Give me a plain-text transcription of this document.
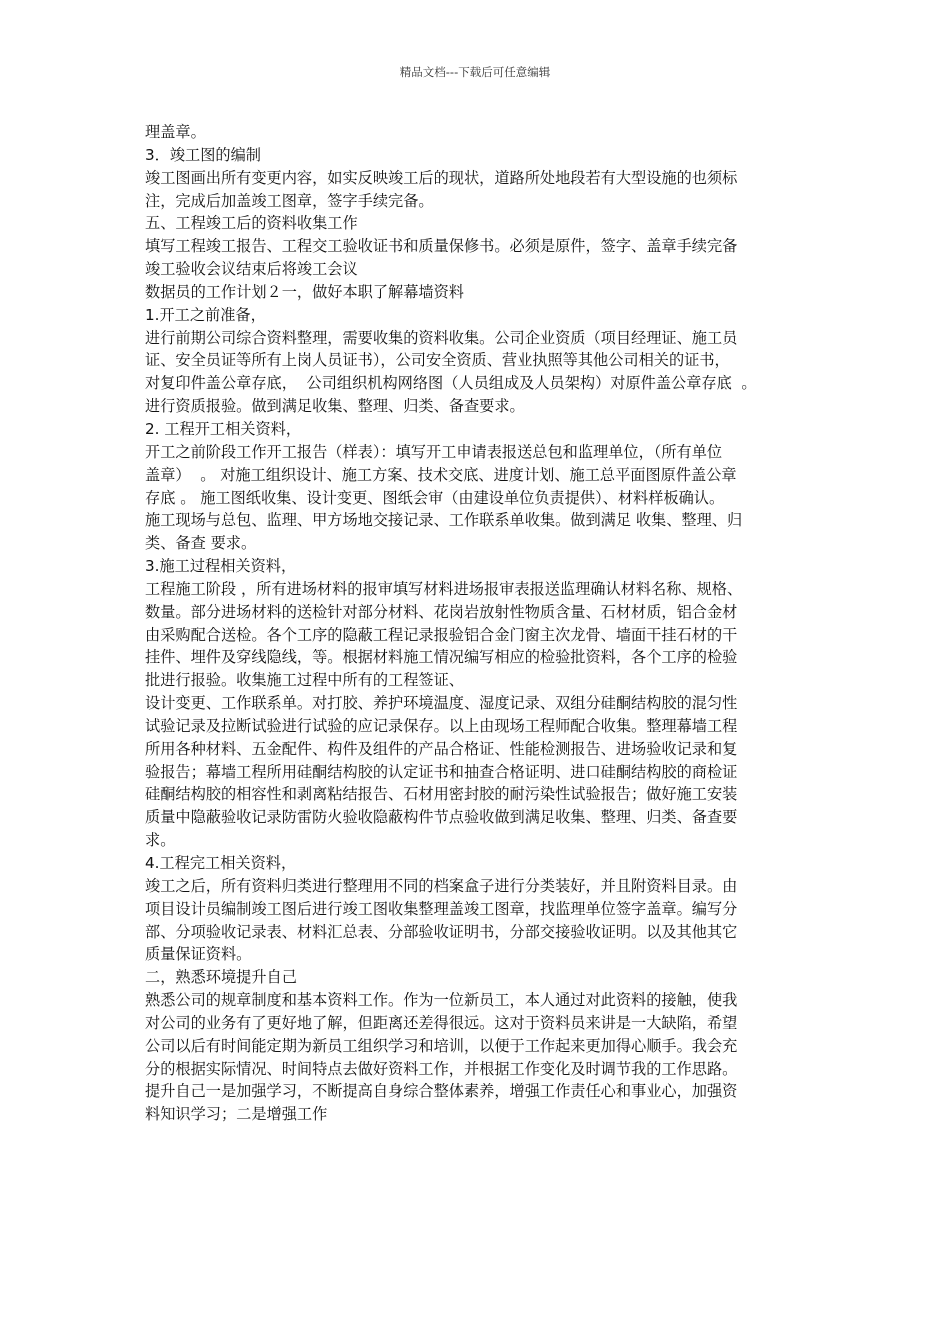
精品文档---下载后可任意编辑
理盖章。
3．竣工图的编制
竣工图画出所有变更内容，如实反映竣工后的现状，道路所处地段若有大型设施的也须标
注，完成后加盖竣工图章，签字手续完备。
五、工程竣工后的资料收集工作
填写工程竣工报告、工程交工验收证书和质量保修书。必须是原件，签字、盖章手续完备
竣工验收会议结束后将竣工会议
数据员的工作计划２一，做好本职了解幕墙资料
1.开工之前准备，
进行前期公司综合资料整理，需要收集的资料收集。公司企业资质（项目经理证、施工员
证、安全员证等所有上岗人员证书），公司安全资质、营业执照等其他公司相关的证书，
对复印件盖公章存底，  公司组织机构网络图（人员组成及人员架构）对原件盖公章存底  。
进行资质报验。做到满足收集、整理、归类、备查要求。
2. 工程开工相关资料，
开工之前阶段工作开工报告（样表）：填写开工申请表报送总包和监理单位，（所有单位
盖章）  。 对施工组织设计、施工方案、技术交底、进度计划、施工总平面图原件盖公章
存底 。 施工图纸收集、设计变更、图纸会审（由建设单位负责提供）、材料样板确认。
施工现场与总包、监理、甲方场地交接记录、工作联系单收集。做到满足 收集、整理、归
类、备查 要求。
3.施工过程相关资料，
工程施工阶段 ，所有进场材料的报审填写材料进场报审表报送监理确认材料名称、规格、
数量。部分进场材料的送检针对部分材料、花岗岩放射性物质含量、石材材质，铝合金材
由采购配合送检。各个工序的隐蔽工程记录报验铝合金门窗主次龙骨、墙面干挂石材的干
挂件、埋件及穿线隐线，等。根据材料施工情况编写相应的检验批资料，各个工序的检验
批进行报验。收集施工过程中所有的工程签证、
设计变更、工作联系单。对打胶、养护环境温度、湿度记录、双组分硅酮结构胶的混匀性
试验记录及拉断试验进行试验的应记录保存。以上由现场工程师配合收集。整理幕墙工程
所用各种材料、五金配件、构件及组件的产品合格证、性能检测报告、进场验收记录和复
验报告；幕墙工程所用硅酮结构胶的认定证书和抽查合格证明、进口硅酮结构胶的商检证
硅酮结构胶的相容性和剥离粘结报告、石材用密封胶的耐污染性试验报告；做好施工安装
质量中隐蔽验收记录防雷防火验收隐蔽构件节点验收做到满足收集、整理、归类、备查要
求。
4.工程完工相关资料，
竣工之后，所有资料归类进行整理用不同的档案盒子进行分类装好，并且附资料目录。由
项目设计员编制竣工图后进行竣工图收集整理盖竣工图章，找监理单位签字盖章。编写分
部、分项验收记录表、材料汇总表、分部验收证明书，分部交接验收证明。以及其他其它
质量保证资料。
二，熟悉环境提升自己
熟悉公司的规章制度和基本资料工作。作为一位新员工，本人通过对此资料的接触，使我
对公司的业务有了更好地了解，但距离还差得很远。这对于资料员来讲是一大缺陷，希望
公司以后有时间能定期为新员工组织学习和培训，以便于工作起来更加得心顺手。我会充
分的根据实际情况、时间特点去做好资料工作，并根据工作变化及时调节我的工作思路。
提升自己一是加强学习，不断提高自身综合整体素养，增强工作责任心和事业心，加强资
料知识学习；二是增强工作
